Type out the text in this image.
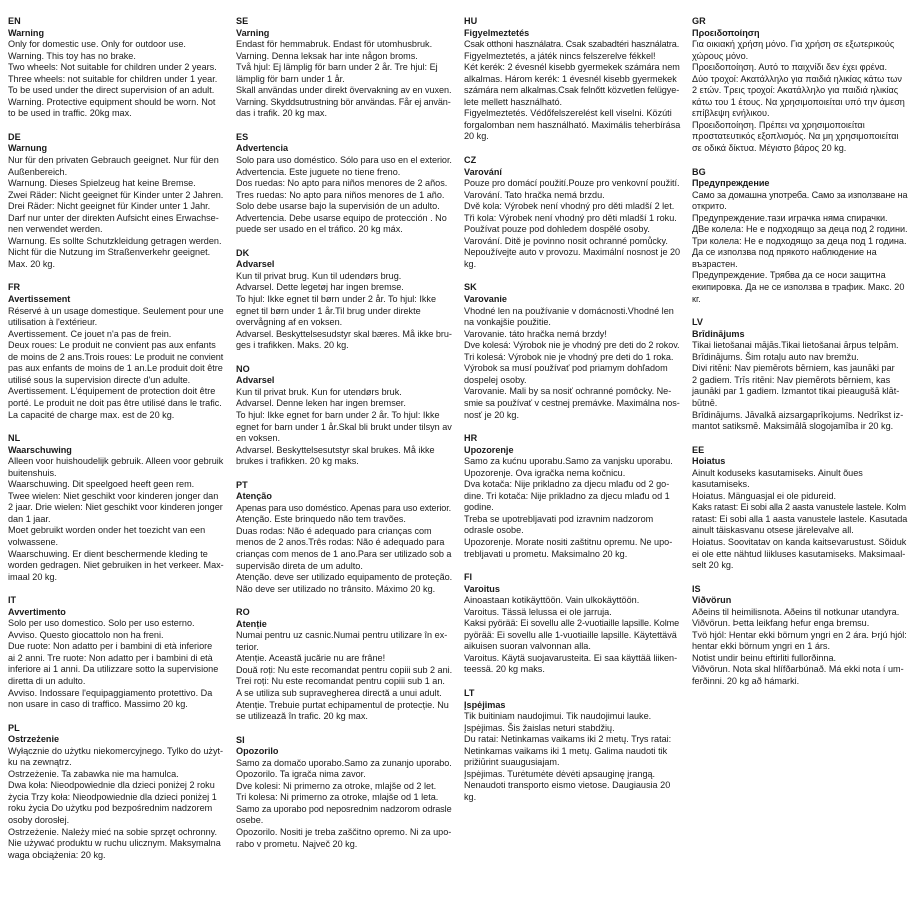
EN
Warning
Only for domestic use. Only for outdoor use.
Warning. This toy has no brake.
Two wheels: Not suitable for children under 2 years.
Three wheels: not suitable for children under 1 year.
To be used under the direct supervision of an adult.
Warning. Protective equipment should be worn. Not
to be used in traffic. 20kg max.
DE
Warnung
Nur für den privaten Gebrauch geeignet. Nur für den
Außenbereich.
Warnung. Dieses Spielzeug hat keine Bremse.
Zwei Räder: Nicht geeignet für Kinder unter 2 Jahren.
Drei Räder: Nicht geeignet für Kinder unter 1 Jahr.
Darf nur unter der direkten Aufsicht eines Erwachse-
nen verwendet werden.
Warnung. Es sollte Schutzkleidung getragen werden.
Nicht für die Nutzung im Straßenverkehr geeignet.
Max. 20 kg.
FR
Avertissement
Réservé à un usage domestique. Seulement pour une
utilisation à l'extérieur.
Avertissement. Ce jouet n'a pas de frein.
Deux roues: Le produit ne convient pas aux enfants
de moins de 2 ans.Trois roues: Le produit ne convient
pas aux enfants de moins de 1 an.Le produit doit être
utilisé sous la supervision directe d'un adulte.
Avertissement. L'équipement de protection doit être
porté. Le produit ne doit pas être utilisé dans le trafic.
La capacité de charge max. est de 20 kg.
NL
Waarschuwing
Alleen voor huishoudelijk gebruik. Alleen voor gebruik
buitenshuis.
Waarschuwing. Dit speelgoed heeft geen rem.
Twee wielen: Niet geschikt voor kinderen jonger dan
2 jaar. Drie wielen: Niet geschikt voor kinderen jonger
dan 1 jaar.
Moet gebruikt worden onder het toezicht van een
volwassene.
Waarschuwing. Er dient beschermende kleding te
worden gedragen. Niet gebruiken in het verkeer. Max-
imaal 20 kg.
IT
Avvertimento
Solo per uso domestico. Solo per uso esterno.
Avviso. Questo giocattolo non ha freni.
Due ruote: Non adatto per i bambini di età inferiore
ai 2 anni. Tre ruote: Non adatto per i bambini di età
inferiore ai 1 anni. Da utilizzare sotto la supervisione
diretta di un adulto.
Avviso. Indossare l'equipaggiamento protettivo. Da
non usare in caso di traffico. Massimo 20 kg.
PL
Ostrzeżenie
Wyłącznie do użytku niekomercyjnego. Tylko do użyt-
ku na zewnątrz.
Ostrzeżenie. Ta zabawka nie ma hamulca.
Dwa koła: Nieodpowiednie dla dzieci poniżej 2 roku
życia Trzy koła: Nieodpowiednie dla dzieci poniżej 1
roku życia Do użytku pod bezpośrednim nadzorem
osoby dorosłej.
Ostrzeżenie. Należy mieć na sobie sprzęt ochronny.
Nie używać produktu w ruchu ulicznym. Maksymalna
waga obciążenia: 20 kg.
SE
Varning
Endast för hemmabruk. Endast för utomhusbruk.
Varning. Denna leksak har inte någon broms.
Två hjul: Ej lämplig för barn under 2 år. Tre hjul: Ej
lämplig för barn under 1 år.
Skall användas under direkt övervakning av en vuxen.
Varning. Skyddsutrustning bör användas. Får ej använ-
das i trafik. 20 kg max.
ES
Advertencia
Solo para uso doméstico. Sólo para uso en el exterior.
Advertencia. Este juguete no tiene freno.
Dos ruedas: No apto para niños menores de 2 años.
Tres ruedas: No apto para niños menores de 1 año.
Solo debe usarse bajo la supervisión de un adulto.
Advertencia. Debe usarse equipo de protección . No
puede ser usado en el tráfico. 20 kg máx.
DK
Advarsel
Kun til privat brug. Kun til udendørs brug.
Advarsel. Dette legetøj har ingen bremse.
To hjul: Ikke egnet til børn under 2 år. To hjul: Ikke
egnet til børn under 1 år.Til brug under direkte
overvågning af en voksen.
Advarsel. Beskyttelsesudstyr skal bæres. Må ikke bru-
ges i trafikken. Maks. 20 kg.
NO
Advarsel
Kun til privat bruk. Kun for utendørs bruk.
Advarsel. Denne leken har ingen bremser.
To hjul: Ikke egnet for barn under 2 år. To hjul: Ikke
egnet for barn under 1 år.Skal bli brukt under tilsyn av
en voksen.
Advarsel. Beskyttelsesutstyr skal brukes. Må ikke
brukes i trafikken. 20 kg maks.
PT
Atenção
Apenas para uso doméstico. Apenas para uso exterior.
Atenção. Este brinquedo não tem travões.
Duas rodas: Não é adequado para crianças com
menos de 2 anos.Três rodas: Não é adequado para
crianças com menos de 1 ano.Para ser utilizado sob a
supervisão direta de um adulto.
Atenção. deve ser utilizado equipamento de proteção.
Não deve ser utilizado no trânsito. Máximo 20 kg.
RO
Atenție
Numai pentru uz casnic.Numai pentru utilizare în ex-
terior.
Atenție. Această jucărie nu are frâne!
Două roți: Nu este recomandat pentru copiii sub 2 ani.
Trei roți: Nu este recomandat pentru copiii sub 1 an.
A se utiliza sub supravegherea directă a unui adult.
Atenție. Trebuie purtat echipamentul de protecție. Nu
se utilizează în trafic. 20 kg max.
SI
Opozorilo
Samo za domačo uporabo.Samo za zunanjo uporabo.
Opozorilo. Ta igrača nima zavor.
Dve kolesi: Ni primerno za otroke, mlajše od 2 let.
Tri kolesa: Ni primerno za otroke, mlajše od 1 leta.
Samo za uporabo pod neposrednim nadzorom odrasle
osebe.
Opozorilo. Nositi je treba zaščitno opremo. Ni za upo-
rabo v prometu. Največ 20 kg.
HU
Figyelmeztetés
Csak otthoni használatra. Csak szabadtéri használatra.
Figyelmeztetés, a játék nincs felszerelve fékkel!
Két kerék: 2 évesnél kisebb gyermekek számára nem
alkalmas. Három kerék: 1 évesnél kisebb gyermekek
számára nem alkalmas.Csak felnőtt közvetlen felügye-
lete mellett használható.
Figyelmeztetés. Védőfelszerelést kell viselni. Közúti
forgalomban nem használható. Maximális teherbírása
20 kg.
CZ
Varování
Pouze pro domácí použití.Pouze pro venkovní použití.
Varování. Tato hračka nemá brzdu.
Dvě kola: Výrobek není vhodný pro děti mladší 2 let.
Tři kola: Výrobek není vhodný pro děti mladší 1 roku.
Používat pouze pod dohledem dospělé osoby.
Varování. Ditě je povinno nosit ochranné pomůcky.
Nepoužívejte auto v provozu. Maximální nosnost je 20
kg.
SK
Varovanie
Vhodné len na používanie v domácnosti.Vhodné len
na vonkajšie použitie.
Varovanie. táto hračka nemá brzdy!
Dve kolesá: Výrobok nie je vhodný pre deti do 2 rokov.
Tri kolesá: Výrobok nie je vhodný pre deti do 1 roka.
Výrobok sa musí používať pod priamym dohľadom
dospelej osoby.
Varovanie. Mali by sa nosiť ochranné pomôcky. Ne-
smie sa používať v cestnej premávke. Maximálna nos-
nosť je 20 kg.
HR
Upozorenje
Samo za kućnu uporabu.Samo za vanjsku uporabu.
Upozorenje. Ova igračka nema kočnicu.
Dva kotača: Nije prikladno za djecu mlađu od 2 go-
dine. Tri kotača: Nije prikladno za djecu mlađu od 1
godine.
Treba se upotrebljavati pod izravnim nadzorom
odrasle osobe.
Upozorenje. Morate nositi zaštitnu opremu. Ne upo-
trebljavati u prometu. Maksimalno 20 kg.
FI
Varoitus
Ainoastaan kotikäyttöön. Vain ulkokäyttöön.
Varoitus. Tässä lelussa ei ole jarruja.
Kaksi pyörää: Ei sovellu alle 2-vuotiaille lapsille. Kolme
pyörää: Ei sovellu alle 1-vuotiaille lapsille. Käytettävä
aikuisen suoran valvonnan alla.
Varoitus. Käytä suojavarusteita. Ei saa käyttää liiken-
teessä. 20 kg maks.
LT
Įspėjimas
Tik buitiniam naudojimui. Tik naudojimui lauke.
Įspėjimas. Šis žaislas neturi stabdžių.
Du ratai: Netinkamas vaikams iki 2 metų. Trys ratai:
Netinkamas vaikams iki 1 metų. Galima naudoti tik
prižiūrint suaugusiajam.
Įspėjimas. Turėtumėte dėvėti apsauginę įrangą.
Nenaudoti transporto eismo vietose. Daugiausia 20
kg.
GR
Προειδοποίηση
Για οικιακή χρήση μόνο. Για χρήση σε εξωτερικούς
χώρους μόνο.
Προειδοποίηση. Αυτό το παιχνίδι δεν έχει φρένα.
Δύο τροχοί: Ακατάλληλο για παιδιά ηλικίας κάτω των
2 ετών. Τρεις τροχοί: Ακατάλληλο για παιδιά ηλικίας
κάτω του 1 έτους. Να χρησιμοποιείται υπό την άμεση
επίβλεψη ενήλικου.
Προειδοποίηση. Πρέπει να χρησιμοποιείται
προστατευτικός εξοπλισμός. Να μη χρησιμοποιείται
σε οδικά δίκτυα. Μέγιστο βάρος 20 kg.
BG
Предупреждение
Само за домашна употреба. Само за използване на
открито.
Предупреждение.тази играчка няма спирачки.
ДВе колела: Не е подходящо за деца под 2 години.
Три колела: Не е подходящо за деца под 1 година.
Да се използва под прякото наблюдение на
възрастен.
Предупреждение. Трябва да се носи защитна
екипировка. Да не се използва в трафик. Макс. 20
кг.
LV
Brīdinājums
Tikai lietošanai mājās.Tikai lietošanai ārpus telpām.
Brīdinājums. Šim rotaļu auto nav bremžu.
Divi ritēni: Nav piemērots bērniem, kas jaunāki par
2 gadiem. Trīs ritēni: Nav piemērots bērniem, kas
jaunāki par 1 gadiem. Izmantot tikai pieaugušā klāt-
būtnē.
Brīdinājums. Jāvalkā aizsargaprīkojums. Nedrīkst iz-
mantot satiksmē. Maksimālā slogojamība ir 20 kg.
EE
Hoiatus
Ainult koduseks kasutamiseks. Ainult õues
kasutamiseks.
Hoiatus. Mänguasjal ei ole pidureid.
Kaks ratast: Ei sobi alla 2 aasta vanustele lastele. Kolm
ratast: Ei sobi alla 1 aasta vanustele lastele. Kasutada
ainult täiskasvanu otsese järelevalve all.
Hoiatus. Soovitatav on kanda kaitsevarustust. Sõiduk
ei ole ette nähtud liikluses kasutamiseks. Maksimaal-
selt 20 kg.
IS
Viðvörun
Aðeins til heimilisnota. Aðeins til notkunar utandyra.
Viðvörun. Þetta leikfang hefur enga bremsu.
Tvö hjól: Hentar ekki börnum yngri en 2 ára. Þrjú hjól:
hentar ekki börnum yngri en 1 árs.
Notist undir beinu eftirliti fullorðinna.
Viðvörun. Nota skal hlífðarbúnað. Má ekki nota í um-
ferðinni. 20 kg að hámarki.
